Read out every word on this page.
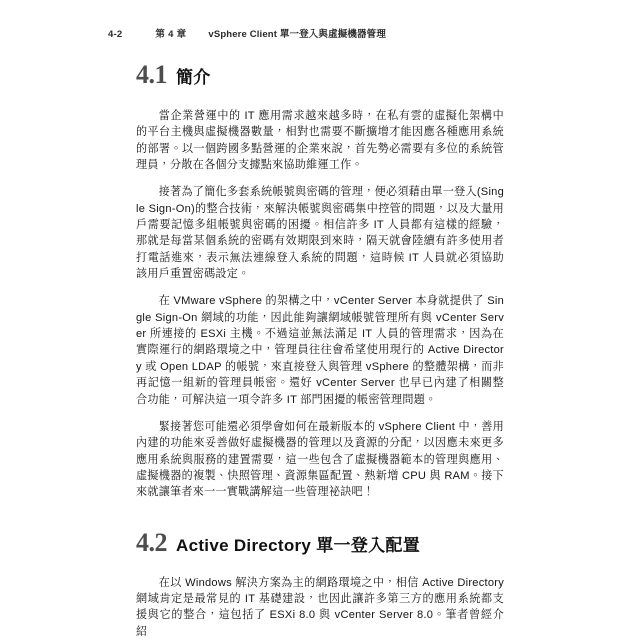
4-2	第 4 章 vSphere Client 單一登入與虛擬機器管理
4.1 簡介

當企業營運中的 IT 應用需求越來越多時，在私有雲的虛擬化架構中的平台主機與虛擬機器數量，相對也需要不斷擴增才能因應各種應用系統的部署。以一個跨國多點營運的企業來說，首先勢必需要有多位的系統管理員，分散在各個分支據點來協助維運工作。

接著為了簡化多套系統帳號與密碼的管理，便必須藉由單一登入(Single Sign-On)的整合技術，來解決帳號與密碼集中控管的問題，以及大量用戶需要記憶多組帳號與密碼的困擾。相信許多 IT 人員都有這樣的經驗，那就是每當某個系統的密碼有效期限到來時，隔天就會陸續有許多使用者打電話進來，表示無法連線登入系統的問題，這時候 IT 人員就必須協助該用戶重置密碼設定。

在 VMware vSphere 的架構之中，vCenter Server 本身就提供了 Single Sign-On 網域的功能，因此能夠讓網域帳號管理所有與 vCenter Server 所連接的 ESXi 主機。不過這並無法滿足 IT 人員的管理需求，因為在實際運行的網路環境之中，管理員往往會希望使用現行的 Active Directory 或 Open LDAP 的帳號，來直接登入與管理 vSphere 的整體架構，而非再記憶一組新的管理員帳密。還好 vCenter Server 也早已內建了相關整合功能，可解決這一項令許多 IT 部門困擾的帳密管理問題。

緊接著您可能還必須學會如何在最新版本的 vSphere Client 中，善用內建的功能來妥善做好虛擬機器的管理以及資源的分配，以因應未來更多應用系統與服務的建置需要，這一些包含了虛擬機器範本的管理與應用、虛擬機器的複製、快照管理、資源集區配置、熱新增 CPU 與 RAM。接下來就讓筆者來一一實戰講解這一些管理祕訣吧！

4.2 Active Directory 單一登入配置

在以 Windows 解決方案為主的網路環境之中，相信 Active Directory 網域肯定是最常見的 IT 基礎建設，也因此讓許多第三方的應用系統都支援與它的整合，這包括了 ESXi 8.0 與 vCenter Server 8.0。筆者曾經介紹
